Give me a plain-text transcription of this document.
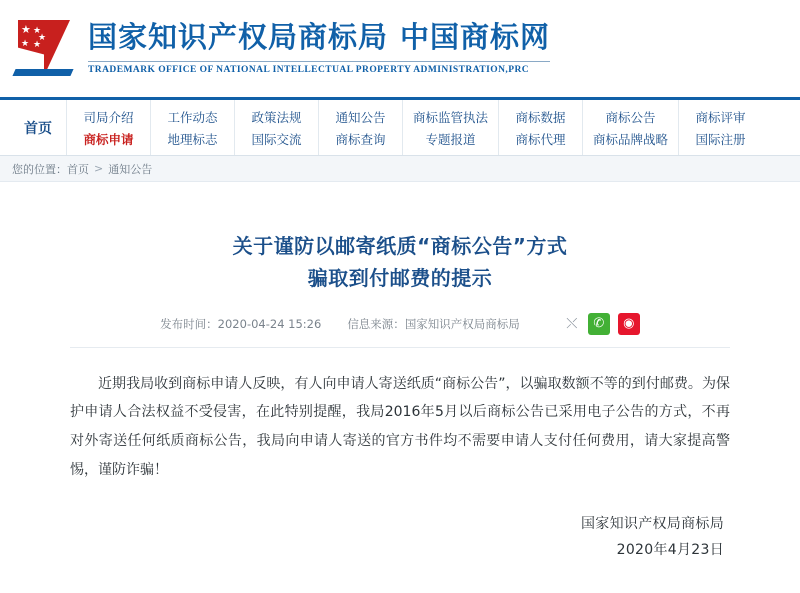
★ ★
★
★
★ 国家知识产权局商标局 中国商标网
TRADEMARK OFFICE OF NATIONAL INTELLECTUAL PROPERTY ADMINISTRATION,PRC
首页
司局介绍
商标申请
工作动态
地理标志
政策法规
国际交流
通知公告
商标查询
商标监管执法
专题报道
商标数据
商标代理
商标公告
商标品牌战略
商标评审
国际注册
您的位置： 首页 > 通知公告
关于谨防以邮寄纸质“商标公告”方式
骗取到付邮费的提示
发布时间：2020-04-24 15:26 信息来源：国家知识产权局商标局	⤬	✆	◉
近期我局收到商标申请人反映，有人向申请人寄送纸质“商标公告”，以骗取数额不等的到付邮费。为保护申请人合法权益不受侵害，在此特别提醒，我局2016年5月以后商标公告已采用电子公告的方式，不再对外寄送任何纸质商标公告，我局向申请人寄送的官方书件均不需要申请人支付任何费用，请大家提高警惕，谨防诈骗！
国家知识产权局商标局
2020年4月23日
